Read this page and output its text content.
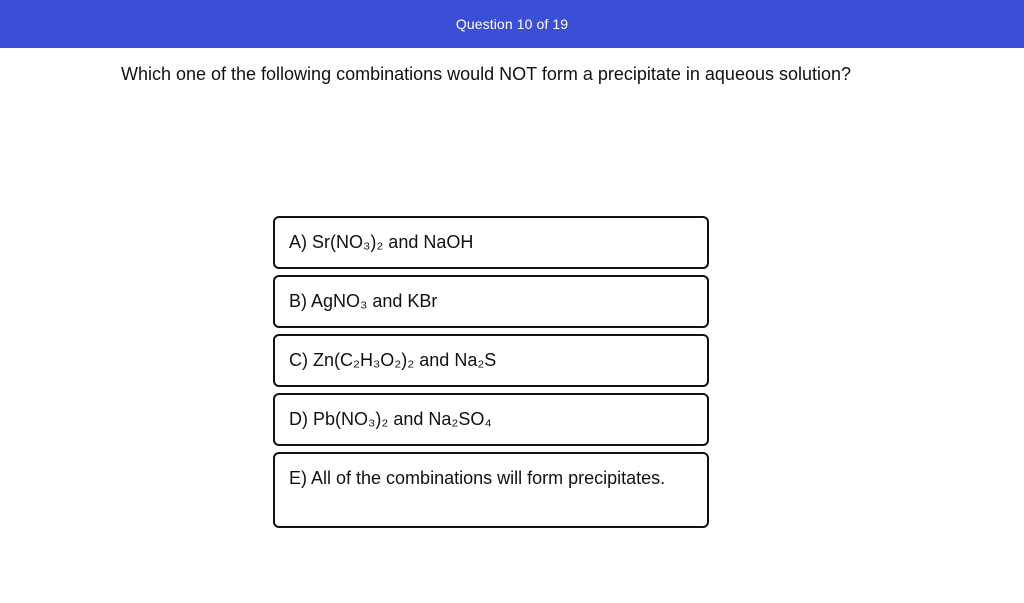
Question 10 of 19
Which one of the following combinations would NOT form a precipitate in aqueous solution?
A) Sr(NO₃)₂ and NaOH
B) AgNO₃ and KBr
C) Zn(C₂H₃O₂)₂ and Na₂S
D) Pb(NO₃)₂ and Na₂SO₄
E) All of the combinations will form precipitates.
